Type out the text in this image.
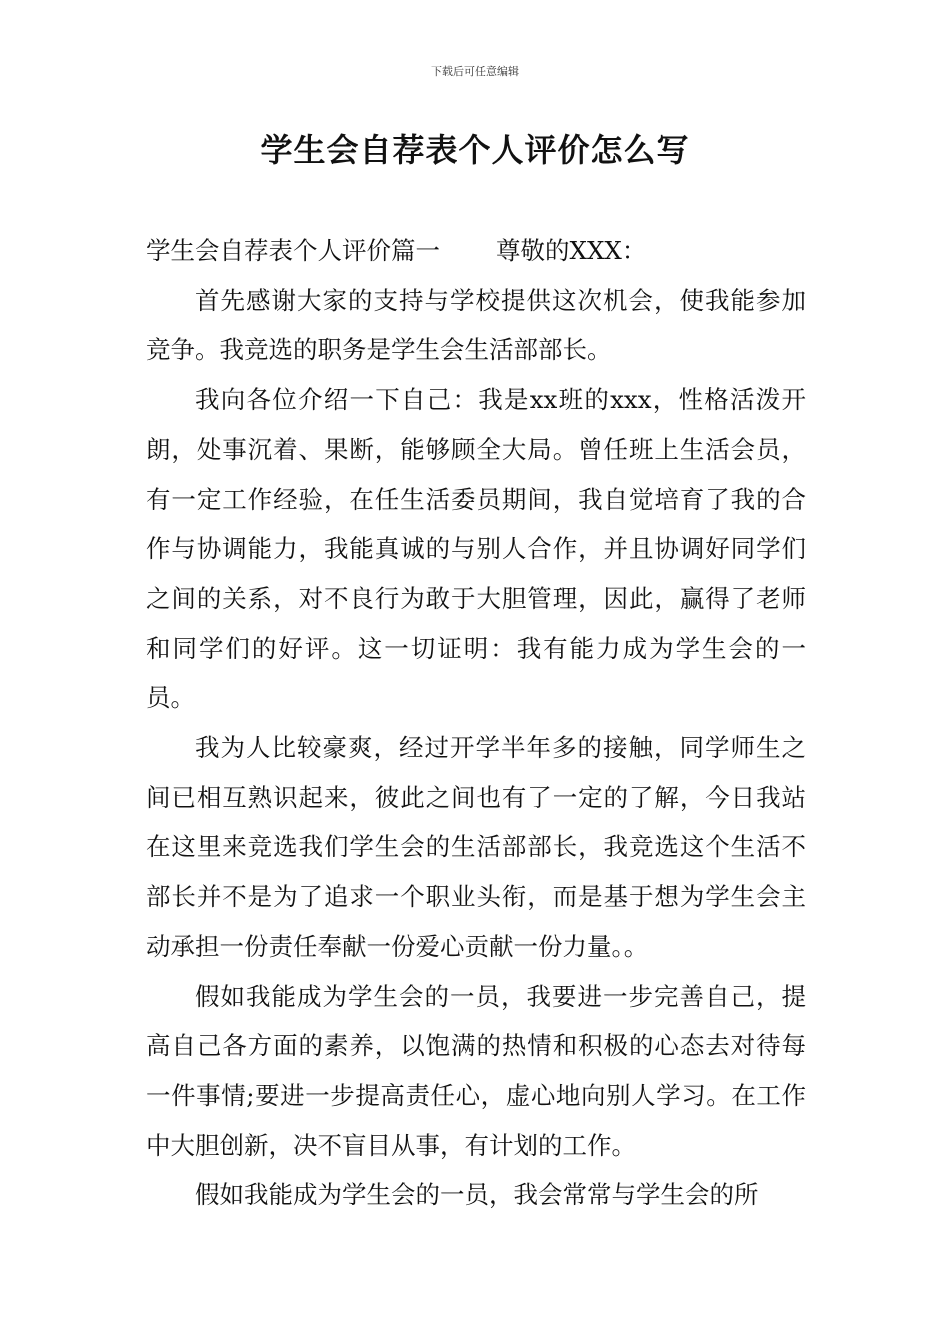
下载后可任意编辑
学生会自荐表个人评价怎么写

学生会自荐表个人评价篇一 尊敬的XXX：

首先感谢大家的支持与学校提供这次机会，使我能参加竞争。我竞选的职务是学生会生活部部长。

我向各位介绍一下自己：我是xx班的xxx，性格活泼开朗，处事沉着、果断，能够顾全大局。曾任班上生活会员，有一定工作经验，在任生活委员期间，我自觉培育了我的合作与协调能力，我能真诚的与别人合作，并且协调好同学们之间的关系，对不良行为敢于大胆管理，因此，赢得了老师和同学们的好评。这一切证明：我有能力成为学生会的一员。

我为人比较豪爽，经过开学半年多的接触，同学师生之间已相互熟识起来，彼此之间也有了一定的了解，今日我站在这里来竞选我们学生会的生活部部长，我竞选这个生活不部长并不是为了追求一个职业头衔，而是基于想为学生会主动承担一份责任奉献一份爱心贡献一份力量。。

假如我能成为学生会的一员，我要进一步完善自己，提高自己各方面的素养，以饱满的热情和积极的心态去对待每一件事情;要进一步提高责任心，虚心地向别人学习。在工作中大胆创新，决不盲目从事，有计划的工作。

假如我能成为学生会的一员，我会常常与学生会的所
